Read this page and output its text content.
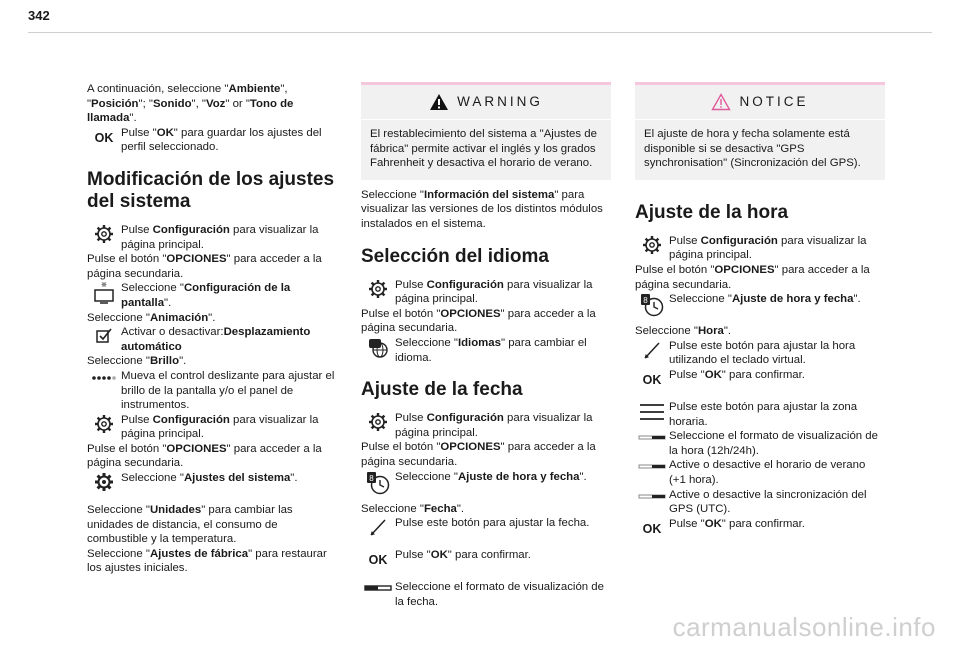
342

A continuación, seleccione "Ambiente", "Posición"; "Sonido", "Voz" or "Tono de llamada".

OK Pulse "OK" para guardar los ajustes del perfil seleccionado.
Modificación de los ajustes del sistema
Pulse Configuración para visualizar la página principal.

Pulse el botón "OPCIONES" para acceder a la página secundaria.

Seleccione "Configuración de la pantalla".

Seleccione "Animación".

Activar o desactivar:Desplazamiento automático

Seleccione "Brillo".

Mueva el control deslizante para ajustar el brillo de la pantalla y/o el panel de instrumentos.

Pulse Configuración para visualizar la página principal.

Pulse el botón "OPCIONES" para acceder a la página secundaria.

Seleccione "Ajustes del sistema".

Seleccione "Unidades" para cambiar las unidades de distancia, el consumo de combustible y la temperatura.

Seleccione "Ajustes de fábrica" para restaurar los ajustes iniciales.

WARNING
El restablecimiento del sistema a "Ajustes de fábrica" permite activar el inglés y los grados Fahrenheit y desactiva el horario de verano.

Seleccione "Información del sistema" para visualizar las versiones de los distintos módulos instalados en el sistema.

Selección del idioma
Pulse Configuración para visualizar la página principal.

Pulse el botón "OPCIONES" para acceder a la página secundaria.

Seleccione "Idiomas" para cambiar el idioma.
Ajuste de la fecha
Pulse Configuración para visualizar la página principal.

Pulse el botón "OPCIONES" para acceder a la página secundaria.

8 Seleccione "Ajuste de hora y fecha".

Seleccione "Fecha".

Pulse este botón para ajustar la fecha.
OK Pulse "OK" para confirmar.
Seleccione el formato de visualización de la fecha.
NOTICE
El ajuste de hora y fecha solamente está disponible si se desactiva "GPS synchronisation" (Sincronización del GPS).
Ajuste de la hora
Pulse Configuración para visualizar la página principal.

Pulse el botón "OPCIONES" para acceder a la página secundaria.

8 Seleccione "Ajuste de hora y fecha".

Seleccione "Hora".

Pulse este botón para ajustar la hora utilizando el teclado virtual.
OK Pulse "OK" para confirmar.
Pulse este botón para ajustar la zona horaria.
Seleccione el formato de visualización de la hora (12h/24h).
Active o desactive el horario de verano (+1 hora).
Active o desactive la sincronización del GPS (UTC).
OK Pulse "OK" para confirmar.
carmanualsonline.info
